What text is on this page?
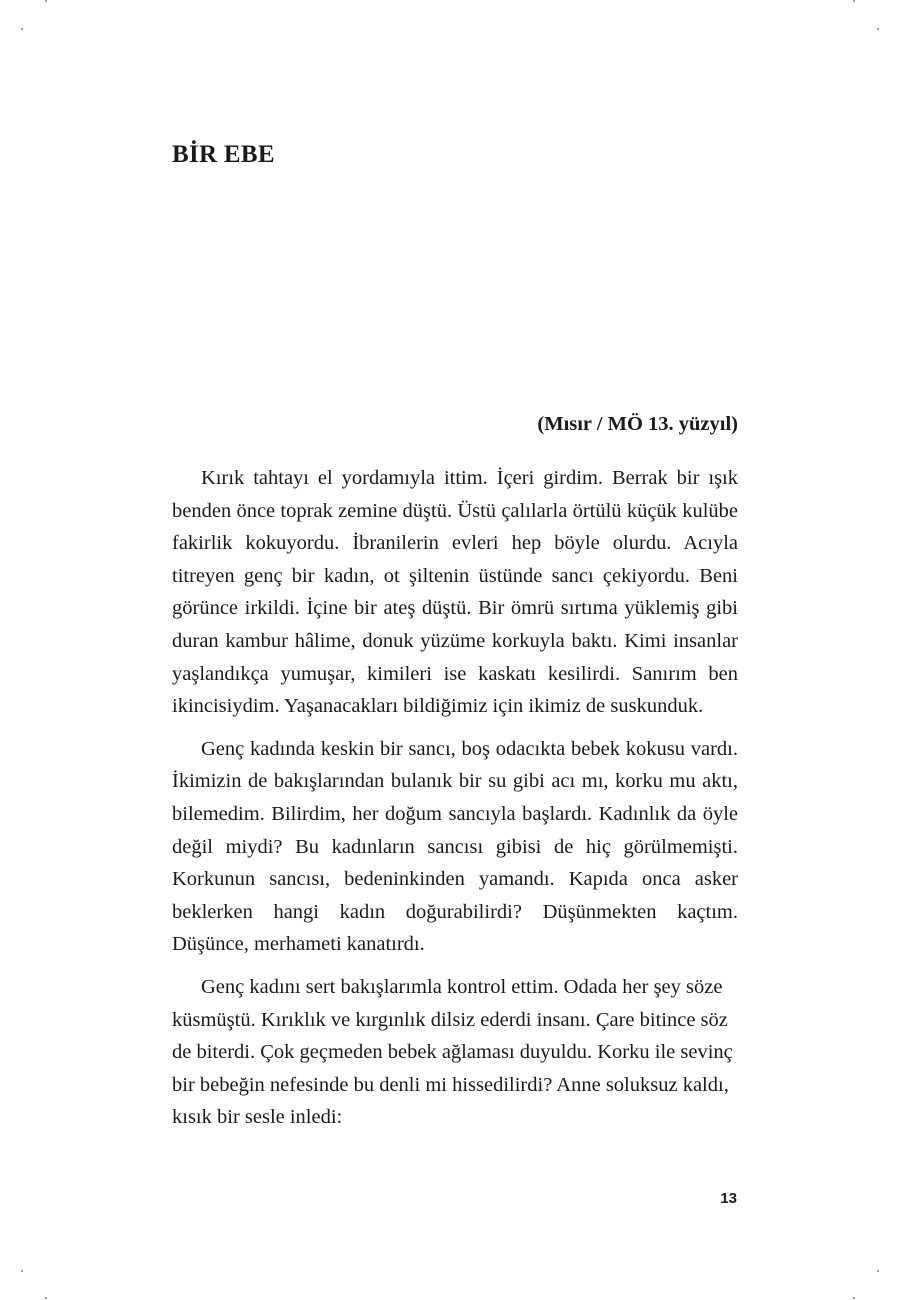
BİR EBE

(Mısır / MÖ 13. yüzyıl)

Kırık tahtayı el yordamıyla ittim. İçeri girdim. Berrak bir ışık benden önce toprak zemine düştü. Üstü çalılarla örtülü küçük kulübe fakirlik kokuyordu. İbranilerin evleri hep böyle olurdu. Acıyla titreyen genç bir kadın, ot şiltenin üstünde sancı çekiyordu. Beni görünce irkildi. İçine bir ateş düştü. Bir ömrü sırtıma yüklemiş gibi duran kambur hâlime, donuk yüzüme korkuyla baktı. Kimi insanlar yaşlandıkça yumuşar, kimileri ise kaskatı kesilirdi. Sanırım ben ikincisiydim. Yaşanacakları bildiğimiz için ikimiz de suskunduk.

Genç kadında keskin bir sancı, boş odacıkta bebek kokusu vardı. İkimizin de bakışlarından bulanık bir su gibi acı mı, korku mu aktı, bilemedim. Bilirdim, her doğum sancıyla başlardı. Kadınlık da öyle değil miydi? Bu kadınların sancısı gibisi de hiç görülmemişti. Korkunun sancısı, bedeninkinden yamandı. Kapıda onca asker beklerken hangi kadın doğurabilirdi? Düşünmekten kaçtım. Düşünce, merhameti kanatırdı.

Genç kadını sert bakışlarımla kontrol ettim. Odada her şey söze küsmüştü. Kırıklık ve kırgınlık dilsiz ederdi insanı. Çare bitince söz de biterdi. Çok geçmeden bebek ağlaması duyuldu. Korku ile sevinç bir bebeğin nefesinde bu denli mi hissedilirdi? Anne soluksuz kaldı, kısık bir sesle inledi:

13
